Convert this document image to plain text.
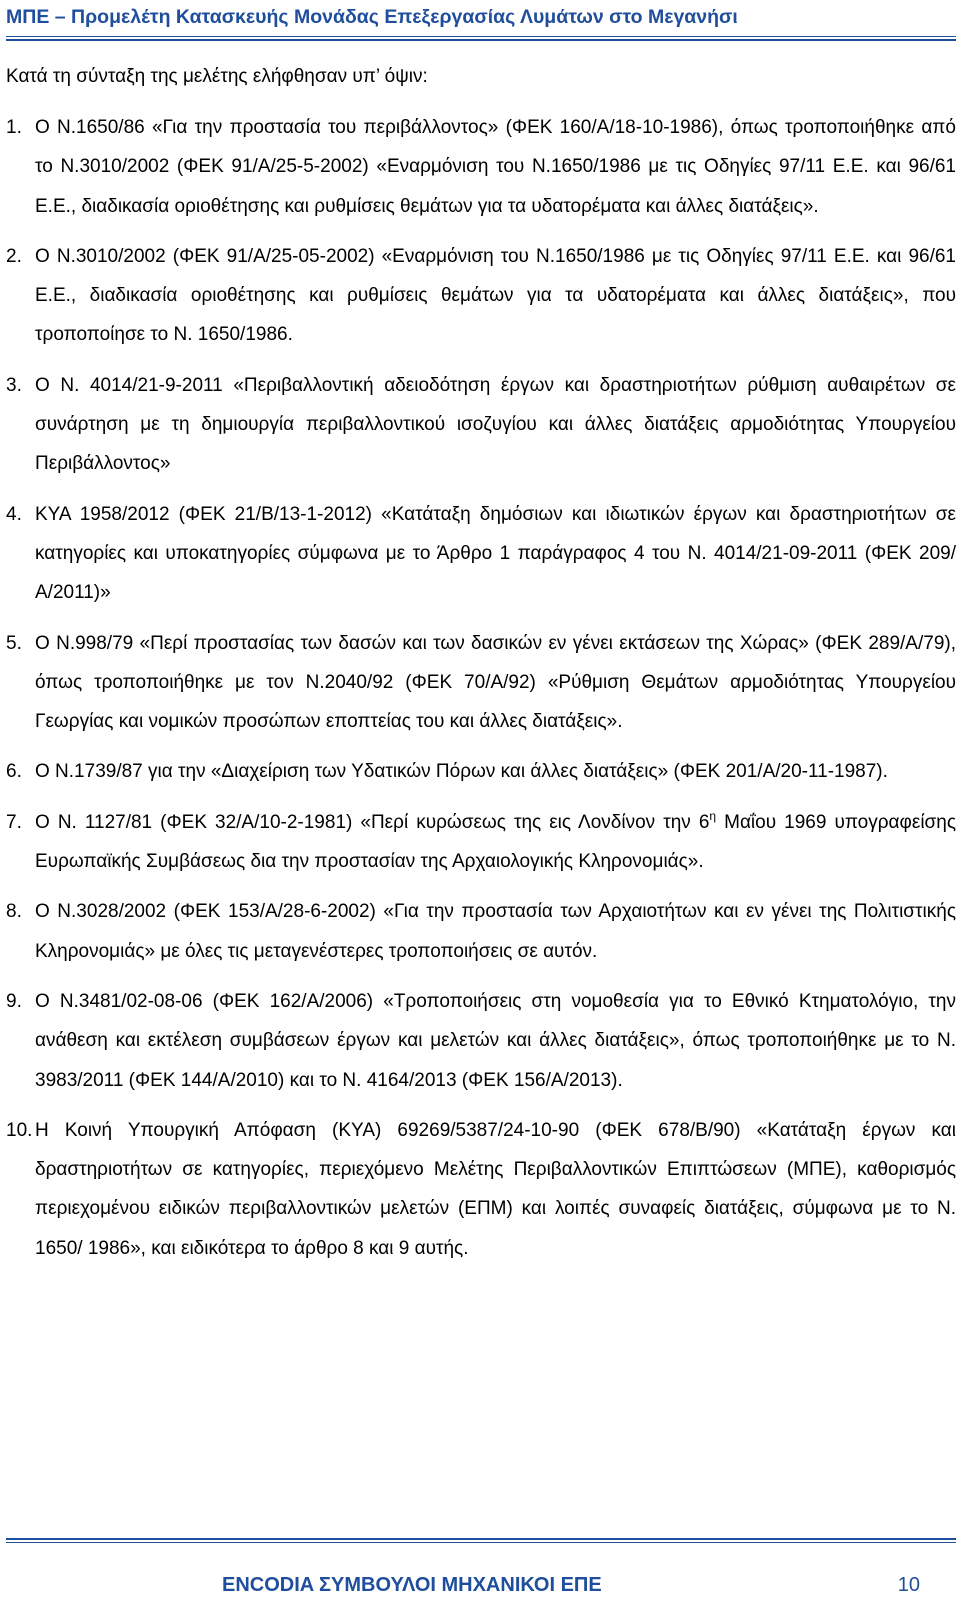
ΜΠΕ – Προμελέτη Κατασκευής Μονάδας Επεξεργασίας Λυμάτων στο Μεγανήσι
Κατά τη σύνταξη της μελέτης ελήφθησαν υπ’ όψιν:
1. Ο Ν.1650/86 «Για την προστασία του περιβάλλοντος» (ΦΕΚ 160/Α/18-10-1986), όπως τροποποιήθηκε από το Ν.3010/2002 (ΦΕΚ 91/Α/25-5-2002) «Εναρμόνιση του Ν.1650/1986 με τις Οδηγίες 97/11 Ε.Ε. και 96/61 Ε.Ε., διαδικασία οριοθέτησης και ρυθμίσεις θεμάτων για τα υδατορέματα και άλλες διατάξεις».
2. Ο Ν.3010/2002 (ΦΕΚ 91/Α/25-05-2002) «Εναρμόνιση του Ν.1650/1986 με τις Οδηγίες 97/11 Ε.Ε. και 96/61 Ε.Ε., διαδικασία οριοθέτησης και ρυθμίσεις θεμάτων για τα υδατορέματα και άλλες διατάξεις», που τροποποίησε το Ν. 1650/1986.
3. Ο Ν. 4014/21-9-2011 «Περιβαλλοντική αδειοδότηση έργων και δραστηριοτήτων ρύθμιση αυθαιρέτων σε συνάρτηση με τη δημιουργία περιβαλλοντικού ισοζυγίου και άλλες διατάξεις αρμοδιότητας Υπουργείου Περιβάλλοντος»
4. ΚΥΑ 1958/2012 (ΦΕΚ 21/Β/13-1-2012) «Κατάταξη δημόσιων και ιδιωτικών έργων και δραστηριοτήτων σε κατηγορίες και υποκατηγορίες σύμφωνα με το Άρθρο 1 παράγραφος 4 του Ν. 4014/21-09-2011 (ΦΕΚ 209/Α/2011)»
5. Ο Ν.998/79 «Περί προστασίας των δασών και των δασικών εν γένει εκτάσεων της Χώρας» (ΦΕΚ 289/Α/79), όπως τροποποιήθηκε με τον Ν.2040/92 (ΦΕΚ 70/Α/92) «Ρύθμιση Θεμάτων αρμοδιότητας Υπουργείου Γεωργίας και νομικών προσώπων εποπτείας του και άλλες διατάξεις».
6. Ο Ν.1739/87 για την «Διαχείριση των Υδατικών Πόρων και άλλες διατάξεις» (ΦΕΚ 201/Α/20-11-1987).
7. Ο Ν. 1127/81 (ΦΕΚ 32/Α/10-2-1981) «Περί κυρώσεως της εις Λονδίνον την $6^\eta$ Μαΐου 1969 υπογραφείσης Ευρωπαϊκής Συμβάσεως δια την προστασίαν της Αρχαιολογικής Κληρονομιάς».
8. Ο Ν.3028/2002 (ΦΕΚ 153/Α/28-6-2002) «Για την προστασία των Αρχαιοτήτων και εν γένει της Πολιτιστικής Κληρονομιάς» με όλες τις μεταγενέστερες τροποποιήσεις σε αυτόν.
9. Ο Ν.3481/02-08-06 (ΦΕΚ 162/Α/2006) «Τροποποιήσεις στη νομοθεσία για το Εθνικό Κτηματολόγιο, την ανάθεση και εκτέλεση συμβάσεων έργων και μελετών και άλλες διατάξεις», όπως τροποποιήθηκε με το Ν. 3983/2011 (ΦΕΚ 144/Α/2010) και το Ν. 4164/2013 (ΦΕΚ 156/Α/2013).
10. Η Κοινή Υπουργική Απόφαση (ΚΥΑ) 69269/5387/24-10-90 (ΦΕΚ 678/Β/90) «Κατάταξη έργων και δραστηριοτήτων σε κατηγορίες, περιεχόμενο Μελέτης Περιβαλλοντικών Επιπτώσεων (ΜΠΕ), καθορισμός περιεχομένου ειδικών περιβαλλοντικών μελετών (ΕΠΜ) και λοιπές συναφείς διατάξεις, σύμφωνα με το Ν. 1650/ 1986», και ειδικότερα το άρθρο 8 και 9 αυτής.
ENCODIA ΣΥΜΒΟΥΛΟΙ ΜΗΧΑΝΙΚΟΙ ΕΠΕ	10
